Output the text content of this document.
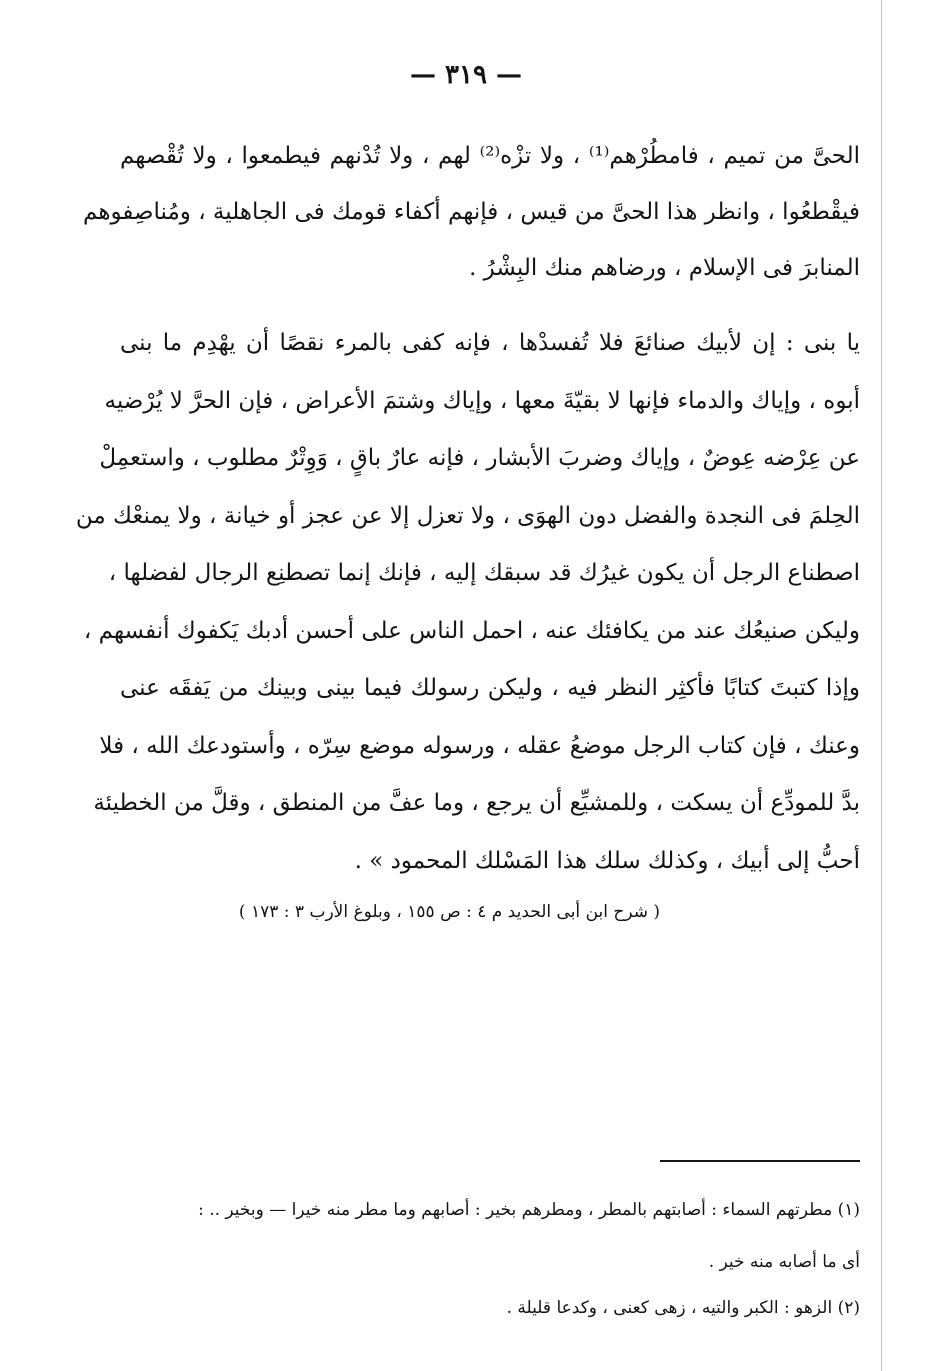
— ٣١٩ —
الحىَّ من تميم ، فامطُرْهم⁽¹⁾ ، ولا تزْه⁽²⁾ لهم ، ولا تُدْنهم فيطمعوا ، ولا تُقْصهم
فيقْطعُوا ، وانظر هذا الحىَّ من قيس ، فإنهم أكفاء قومك فى الجاهلية ، ومُناصِفوهم
المنابرَ فى الإسلام ، ورضاهم منك البِشْرُ .
يا بنى : إن لأبيك صنائعَ فلا تُفسدْها ، فإنه كفى بالمرء نقصًا أن يهْدِم ما بنى
أبوه ، وإياك والدماء فإنها لا بقيّةَ معها ، وإياك وشتمَ الأعراض ، فإن الحرَّ لا يُرْضيه
عن عِرْضه عِوضٌ ، وإياك وضربَ الأبشار ، فإنه عارٌ باقٍ ، وَوِتْرٌ مطلوب ، واستعمِلْ
الحِلمَ فى النجدة والفضل دون الهوَى ، ولا تعزل إلا عن عجز أو خيانة ، ولا يمنعْك من
اصطناع الرجل أن يكون غيرُك قد سبقك إليه ، فإنك إنما تصطنِع الرجال لفضلها ،
وليكن صنيعُك عند من يكافئك عنه ، احمل الناس على أحسن أدبك يَكفوك أنفسهم ،
وإذا كتبتَ كتابًا فأكثِر النظر فيه ، وليكن رسولك فيما بينى وبينك من يَفقَه عنى
وعنك ، فإن كتاب الرجل موضعُ عقله ، ورسوله موضع سِرّه ، وأستودعك الله ، فلا
بدَّ للمودِّع أن يسكت ، وللمشيِّع أن يرجع ، وما عفَّ من المنطق ، وقلَّ من الخطيئة
أحبُّ إلى أبيك ، وكذلك سلك هذا المَسْلك المحمود » .
( شرح ابن أبى الحديد م ٤ : ص ١٥٥ ، وبلوغ الأرب ٣ : ١٧٣ )
(١) مطرتهم السماء : أصابتهم بالمطر ، ومطرهم بخير : أصابهم وما مطر منه خيرا — وبخير .. :
أى ما أصابه منه خير .
(٢) الزهو : الكبر والتيه ، زهى كعنى ، وكدعا قليلة .
